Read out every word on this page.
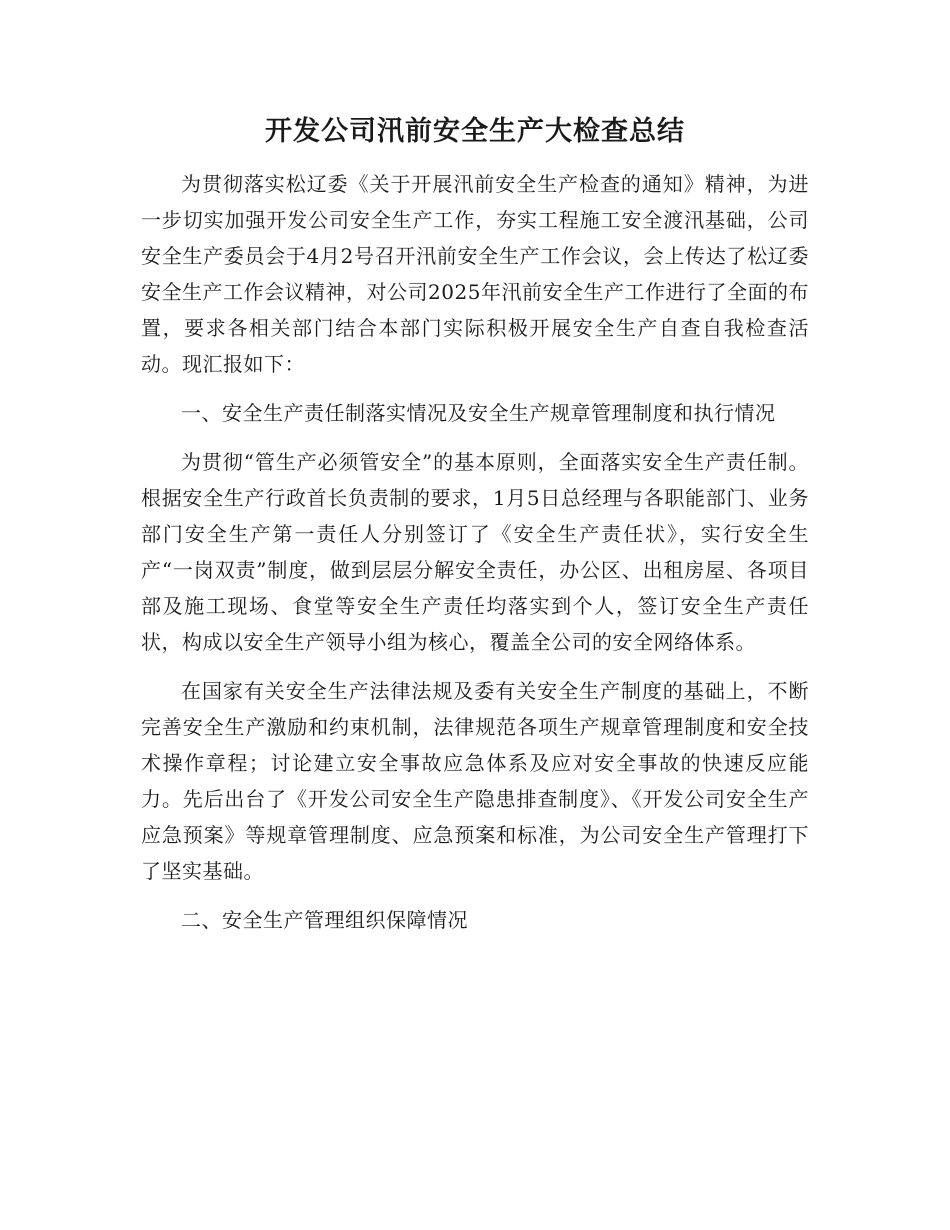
开发公司汛前安全生产大检查总结

为贯彻落实松辽委《关于开展汛前安全生产检查的通知》精神，为进一步切实加强开发公司安全生产工作，夯实工程施工安全渡汛基础，公司安全生产委员会于4月2号召开汛前安全生产工作会议，会上传达了松辽委安全生产工作会议精神，对公司2025年汛前安全生产工作进行了全面的布置，要求各相关部门结合本部门实际积极开展安全生产自查自我检查活动。现汇报如下：

一、安全生产责任制落实情况及安全生产规章管理制度和执行情况

为贯彻“管生产必须管安全”的基本原则，全面落实安全生产责任制。根据安全生产行政首长负责制的要求，1月5日总经理与各职能部门、业务部门安全生产第一责任人分别签订了《安全生产责任状》，实行安全生产“一岗双责”制度，做到层层分解安全责任，办公区、出租房屋、各项目部及施工现场、食堂等安全生产责任均落实到个人，签订安全生产责任状，构成以安全生产领导小组为核心，覆盖全公司的安全网络体系。

在国家有关安全生产法律法规及委有关安全生产制度的基础上，不断完善安全生产激励和约束机制，法律规范各项生产规章管理制度和安全技术操作章程；讨论建立安全事故应急体系及应对安全事故的快速反应能力。先后出台了《开发公司安全生产隐患排查制度》、《开发公司安全生产应急预案》等规章管理制度、应急预案和标准，为公司安全生产管理打下了坚实基础。

二、安全生产管理组织保障情况
